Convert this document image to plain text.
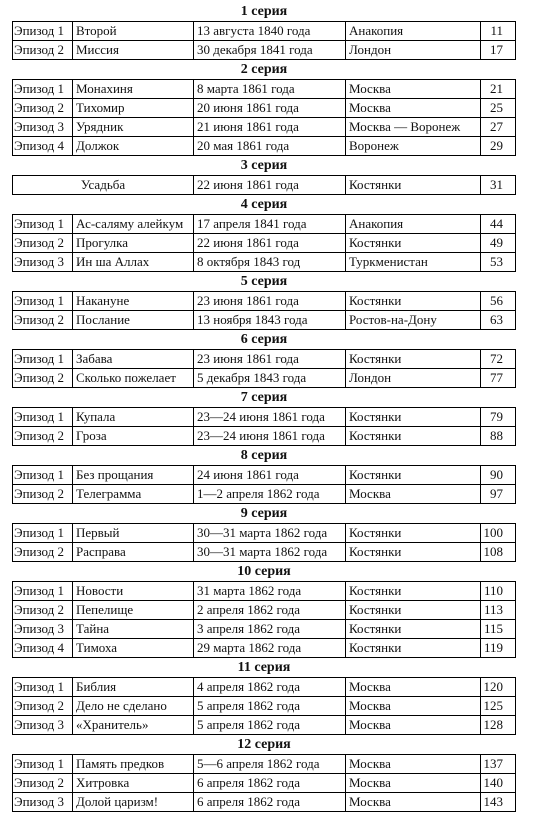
1 серия
Эпизод 1 Второй	13 августа 1840 года	Анакопия	11
Эпизод 2 Миссия	30 декабря 1841 года	Лондон	17
2 серия
Эпизод 1 Монахиня	8 марта 1861 года	Москва	21
Эпизод 2 Тихомир	20 июня 1861 года	Москва	25
Эпизод 3 Урядник	21 июня 1861 года	Москва — Воронеж	27
Эпизод 4 Должок	20 мая 1861 года	Воронеж	29
3 серия
Усадьба	22 июня 1861 года	Костянки	31
4 серия
Эпизод 1 Ас-саляму алейкум	17 апреля 1841 года	Анакопия	44
Эпизод 2 Прогулка	22 июня 1861 года	Костянки	49
Эпизод 3 Ин ша Аллах	8 октября 1843 год	Туркменистан	53
5 серия
Эпизод 1 Накануне	23 июня 1861 года	Костянки	56
Эпизод 2 Послание	13 ноября 1843 года	Ростов-на-Дону	63
6 серия
Эпизод 1 Забава	23 июня 1861 года	Костянки	72
Эпизод 2 Сколько пожелает	5 декабря 1843 года	Лондон	77
7 серия
Эпизод 1 Купала	23—24 июня 1861 года	Костянки	79
Эпизод 2 Гроза	23—24 июня 1861 года	Костянки	88
8 серия
Эпизод 1 Без прощания	24 июня 1861 года	Костянки	90
Эпизод 2 Телеграмма	1—2 апреля 1862 года	Москва	97
9 серия
Эпизод 1 Первый	30—31 марта 1862 года	Костянки	100
Эпизод 2 Расправа	30—31 марта 1862 года	Костянки	108
10 серия
Эпизод 1 Новости	31 марта 1862 года	Костянки	110
Эпизод 2 Пепелище	2 апреля 1862 года	Костянки	113
Эпизод 3 Тайна	3 апреля 1862 года	Костянки	115
Эпизод 4 Тимоха	29 марта 1862 года	Костянки	119
11 серия
Эпизод 1 Библия	4 апреля 1862 года	Москва	120
Эпизод 2 Дело не сделано	5 апреля 1862 года	Москва	125
Эпизод 3 «Хранитель»	5 апреля 1862 года	Москва	128
12 серия
Эпизод 1 Память предков	5—6 апреля 1862 года	Москва	137
Эпизод 2 Хитровка	6 апреля 1862 года	Москва	140
Эпизод 3 Долой царизм!	6 апреля 1862 года	Москва	143
